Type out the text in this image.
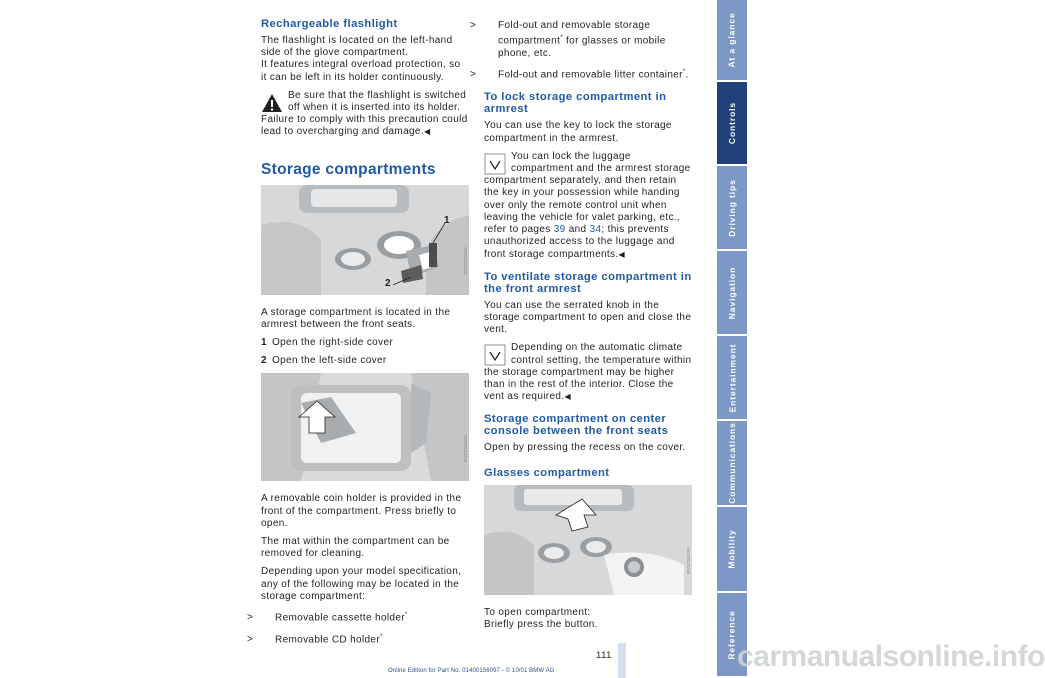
Rechargeable flashlight
The flashlight is located on the left-hand side of the glove compartment.
It features integral overload protection, so it can be left in its holder continuously.
Be sure that the flashlight is switched off when it is inserted into its holder. Failure to comply with this precaution could lead to overcharging and damage.◀
Storage compartments
1
2
W7075E6X6
A storage compartment is located in the armrest between the front seats.
1 Open the right-side cover
2 Open the left-side cover
W7075E6X6
A removable coin holder is provided in the front of the compartment. Press briefly to open.
The mat within the compartment can be removed for cleaning.
Depending upon your model specification, any of the following may be located in the storage compartment:
> Removable cassette holder*
> Removable CD holder*
> Fold-out and removable storage compartment* for glasses or mobile phone, etc.
> Fold-out and removable litter container*.
To lock storage compartment in armrest
You can use the key to lock the storage compartment in the armrest.
You can lock the luggage compartment and the armrest storage compartment separately, and then retain the key in your possession while handing over only the remote control unit when leaving the vehicle for valet parking, etc., refer to pages 39 and 34; this prevents unauthorized access to the luggage and front storage compartments.◀
To ventilate storage compartment in the front armrest
You can use the serrated knob in the storage compartment to open and close the vent.
Depending on the automatic climate control setting, the temperature within the storage compartment may be higher than in the rest of the interior. Close the vent as required.◀
Storage compartment on center console between the front seats
Open by pressing the recess on the cover.
Glasses compartment
W7075E6X6
To open compartment:
Briefly press the button.
At a glance
Controls
Driving tips
Navigation
Entertainment
Communications
Mobility
Reference
111
Online Edition for Part No. 01400156097 - © 10/01 BMW AG	carmanualsonline.info
